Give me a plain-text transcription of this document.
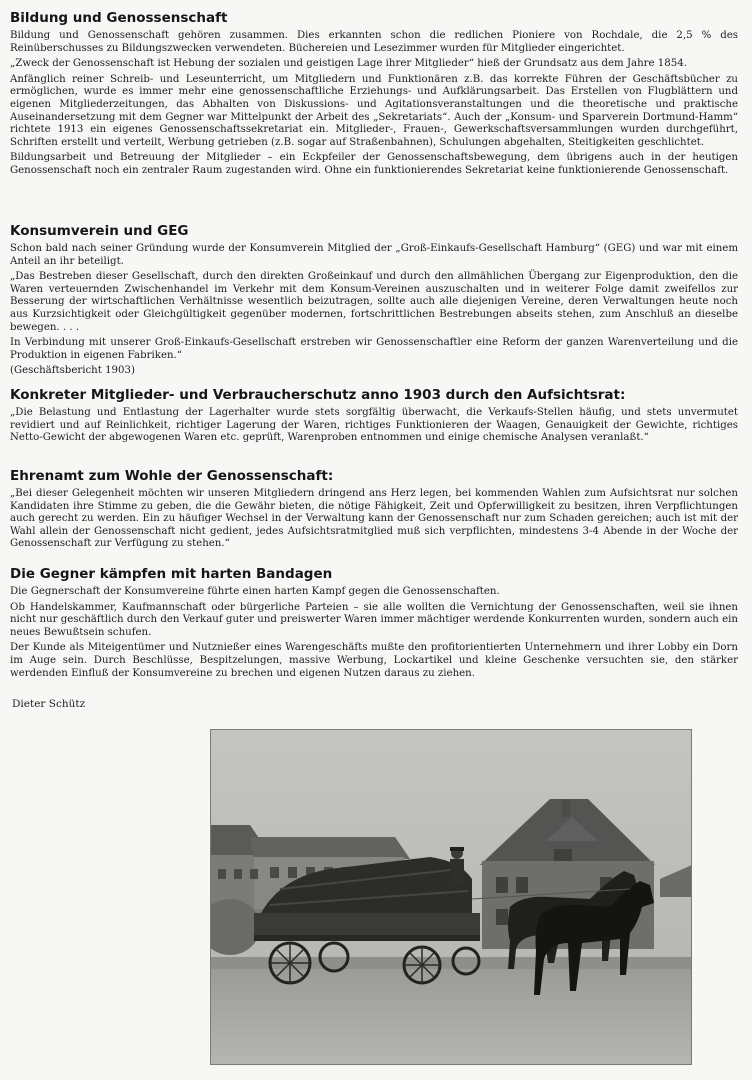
Bildung und Genossenschaft

Bildung und Genossenschaft gehören zusammen. Dies erkannten schon die redlichen Pioniere von Rochdale, die 2,5 % des Reinüberschusses zu Bildungszwecken verwendeten. Büchereien und Lesezimmer wurden für Mitglieder eingerichtet.

„Zweck der Genossenschaft ist Hebung der sozialen und geistigen Lage ihrer Mitglieder“ hieß der Grundsatz aus dem Jahre 1854.

Anfänglich reiner Schreib- und Leseunterricht, um Mitgliedern und Funktionären z.B. das korrekte Führen der Geschäftsbücher zu ermöglichen, wurde es immer mehr eine genossenschaftliche Erziehungs- und Aufklärungsarbeit. Das Erstellen von Flugblättern und eigenen Mitgliederzeitungen, das Abhalten von Diskussions- und Agitationsveranstaltungen und die theoretische und praktische Auseinandersetzung mit dem Gegner war Mittelpunkt der Arbeit des „Sekretariats“. Auch der „Konsum- und Sparverein Dortmund-Hamm“ richtete 1913 ein eigenes Genossenschaftssekretariat ein. Mitglieder-, Frauen-, Gewerkschaftsversammlungen wurden durchgeführt, Schriften erstellt und verteilt, Werbung getrieben (z.B. sogar auf Straßenbahnen), Schulungen abgehalten, Steitigkeiten geschlichtet.

Bildungsarbeit und Betreuung der Mitglieder – ein Eckpfeiler der Genossenschaftsbewegung, dem übrigens auch in der heutigen Genossenschaft noch ein zentraler Raum zugestanden wird. Ohne ein funktionierendes Sekretariat keine funktionierende Genossenschaft.

Konsumverein und GEG

Schon bald nach seiner Gründung wurde der Konsumverein Mitglied der „Groß-Einkaufs-Gesellschaft Hamburg“ (GEG) und war mit einem Anteil an ihr beteiligt.

„Das Bestreben dieser Gesellschaft, durch den direkten Großeinkauf und durch den allmählichen Übergang zur Eigenproduktion, den die Waren verteuernden Zwischenhandel im Verkehr mit dem Konsum-Vereinen auszuschalten und in weiterer Folge damit zweifellos zur Besserung der wirtschaftlichen Verhältnisse wesentlich beizutragen, sollte auch alle diejenigen Vereine, deren Verwaltungen heute noch aus Kurzsichtigkeit oder Gleichgültigkeit gegenüber modernen, fortschrittlichen Bestrebungen abseits stehen, zum Anschluß an dieselbe bewegen. . . .

In Verbindung mit unserer Groß-Einkaufs-Gesellschaft erstreben wir Genossenschaftler eine Reform der ganzen Warenverteilung und die Produktion in eigenen Fabriken.“

(Geschäftsbericht 1903)

Konkreter Mitglieder- und Verbraucherschutz anno 1903 durch den Aufsichtsrat:

„Die Belastung und Entlastung der Lagerhalter wurde stets sorgfältig überwacht, die Verkaufs-Stellen häufig, und stets unvermutet revidiert und auf Reinlichkeit, richtiger Lagerung der Waren, richtiges Funktionieren der Waagen, Genauigkeit der Gewichte, richtiges Netto-Gewicht der abgewogenen Waren etc. geprüft, Warenproben entnommen und einige chemische Analysen veranlaßt.“

Ehrenamt zum Wohle der Genossenschaft:

„Bei dieser Gelegenheit möchten wir unseren Mitgliedern dringend ans Herz legen, bei kommenden Wahlen zum Aufsichtsrat nur solchen Kandidaten ihre Stimme zu geben, die die Gewähr bieten, die nötige Fähigkeit, Zeit und Opferwilligkeit zu besitzen, ihren Verpflichtungen auch gerecht zu werden. Ein zu häufiger Wechsel in der Verwaltung kann der Genossenschaft nur zum Schaden gereichen; auch ist mit der Wahl allein der Genossenschaft nicht gedient, jedes Aufsichtsratmitglied muß sich verpflichten, mindestens 3-4 Abende in der Woche der Genossenschaft zur Verfügung zu stehen.“

Die Gegner kämpfen mit harten Bandagen

Die Gegnerschaft der Konsumvereine führte einen harten Kampf gegen die Genossenschaften.

Ob Handelskammer, Kaufmannschaft oder bürgerliche Parteien – sie alle wollten die Vernichtung der Genossenschaften, weil sie ihnen nicht nur geschäftlich durch den Verkauf guter und preiswerter Waren immer mächtiger werdende Konkurrenten wurden, sondern auch ein neues Bewußtsein schufen.

Der Kunde als Miteigentümer und Nutznießer eines Warengeschäfts mußte den profitorientierten Unternehmern und ihrer Lobby ein Dorn im Auge sein. Durch Beschlüsse, Bespitzelungen, massive Werbung, Lockartikel und kleine Geschenke versuchten sie, den stärker werdenden Einfluß der Konsumvereine zu brechen und eigenen Nutzen daraus zu ziehen.

Dieter Schütz
